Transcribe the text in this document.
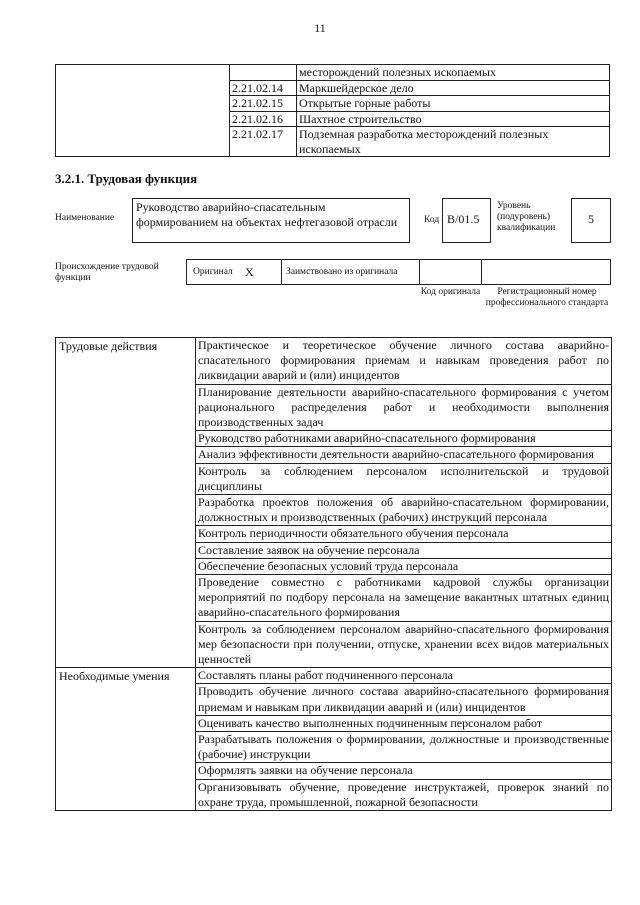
11
		месторождений полезных ископаемых
	2.21.02.14	Маркшейдерское дело
	2.21.02.15	Открытые горные работы
	2.21.02.16	Шахтное строительство
	2.21.02.17	Подземная разработка месторождений полезных ископаемых
3.2.1. Трудовая функция
Наименование
Руководство аварийно-спасательным формированием на объектах нефтегазовой отрасли	Код B/01.5
Уровень (подуровень) квалификации
5
Происхождение трудовой функции
Оригинал X	Заимствовано из оригинала
Код оригинала	Регистрационный номер профессионального стандарта
Трудовые действия	Практическое и теоретическое обучение личного состава аварийно-спасательного формирования приемам и навыкам проведения работ по ликвидации аварий и (или) инцидентов
	Планирование деятельности аварийно-спасательного формирования с учетом рационального распределения работ и необходимости выполнения производственных задач
	Руководство работниками аварийно-спасательного формирования
	Анализ эффективности деятельности аварийно-спасательного формирования
	Контроль за соблюдением персоналом исполнительской и трудовой дисциплины
	Разработка проектов положения об аварийно-спасательном формировании, должностных и производственных (рабочих) инструкций персонала
	Контроль периодичности обязательного обучения персонала
	Составление заявок на обучение персонала
	Обеспечение безопасных условий труда персонала
	Проведение совместно с работниками кадровой службы организации мероприятий по подбору персонала на замещение вакантных штатных единиц аварийно-спасательного формирования
	Контроль за соблюдением персоналом аварийно-спасательного формирования мер безопасности при получении, отпуске, хранении всех видов материальных ценностей
Необходимые умения	Составлять планы работ подчиненного персонала
	Проводить обучение личного состава аварийно-спасательного формирования приемам и навыкам при ликвидации аварий и (или) инцидентов
	Оценивать качество выполненных подчиненным персоналом работ
	Разрабатывать положения о формировании, должностные и производственные (рабочие) инструкции
	Оформлять заявки на обучение персонала
	Организовывать обучение, проведение инструктажей, проверок знаний по охране труда, промышленной, пожарной безопасности
